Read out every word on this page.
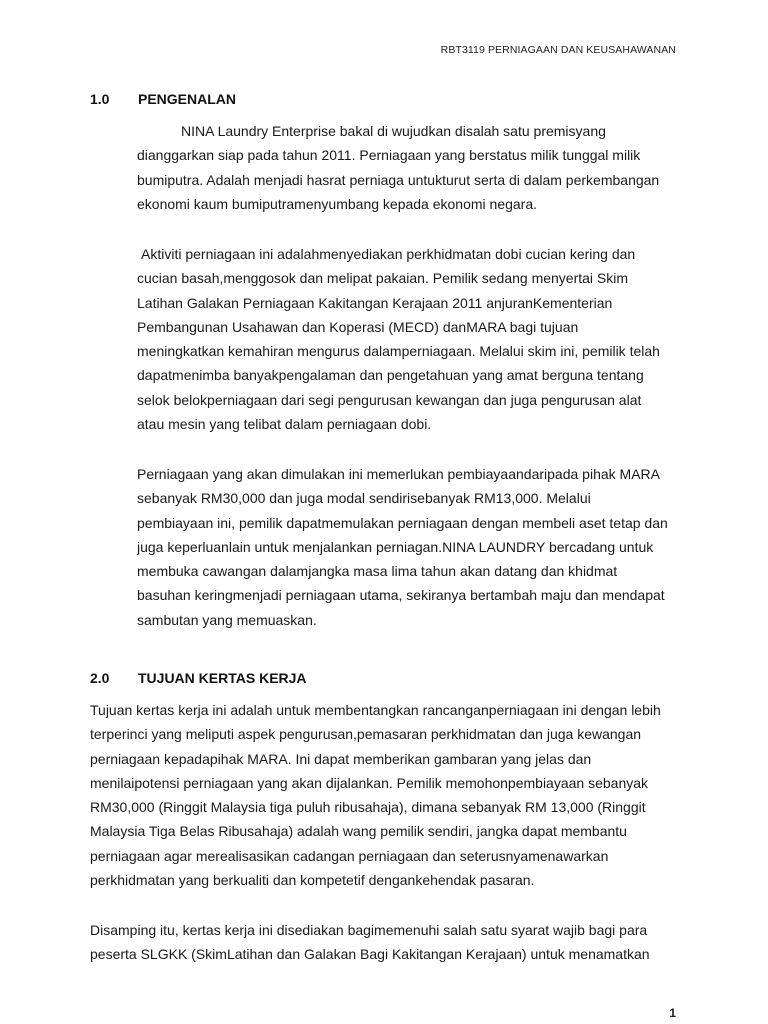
RBT3119 PERNIAGAAN DAN KEUSAHAWANAN
1.0 PENGENALAN

NINA Laundry Enterprise bakal di wujudkan disalah satu premisyang
dianggarkan siap pada tahun 2011. Perniagaan yang berstatus milik tunggal milik
bumiputra. Adalah menjadi hasrat perniaga untukturut serta di dalam perkembangan
ekonomi kaum bumiputramenyumbang kepada ekonomi negara.

Aktiviti perniagaan ini adalahmenyediakan perkhidmatan dobi cucian kering dan
cucian basah,menggosok dan melipat pakaian. Pemilik sedang menyertai Skim
Latihan Galakan Perniagaan Kakitangan Kerajaan 2011 anjuranKementerian
Pembangunan Usahawan dan Koperasi (MECD) danMARA bagi tujuan
meningkatkan kemahiran mengurus dalamperniagaan. Melalui skim ini, pemilik telah
dapatmenimba banyakpengalaman dan pengetahuan yang amat berguna tentang
selok belokperniagaan dari segi pengurusan kewangan dan juga pengurusan alat
atau mesin yang telibat dalam perniagaan dobi.

Perniagaan yang akan dimulakan ini memerlukan pembiayaandaripada pihak MARA
sebanyak RM30,000 dan juga modal sendirisebanyak RM13,000. Melalui
pembiayaan ini, pemilik dapatmemulakan perniagaan dengan membeli aset tetap dan
juga keperluanlain untuk menjalankan perniagan.NINA LAUNDRY bercadang untuk
membuka cawangan dalamjangka masa lima tahun akan datang dan khidmat
basuhan keringmenjadi perniagaan utama, sekiranya bertambah maju dan mendapat
sambutan yang memuaskan.

2.0 TUJUAN KERTAS KERJA

Tujuan kertas kerja ini adalah untuk membentangkan rancanganperniagaan ini dengan lebih
terperinci yang meliputi aspek pengurusan,pemasaran perkhidmatan dan juga kewangan
perniagaan kepadapihak MARA. Ini dapat memberikan gambaran yang jelas dan
menilaipotensi perniagaan yang akan dijalankan. Pemilik memohonpembiayaan sebanyak
RM30,000 (Ringgit Malaysia tiga puluh ribusahaja), dimana sebanyak RM 13,000 (Ringgit
Malaysia Tiga Belas Ribusahaja) adalah wang pemilik sendiri, jangka dapat membantu
perniagaan agar merealisasikan cadangan perniagaan dan seterusnyamenawarkan
perkhidmatan yang berkualiti dan kompetetif dengankehendak pasaran.

Disamping itu, kertas kerja ini disediakan bagimemenuhi salah satu syarat wajib bagi para
peserta SLGKK (SkimLatihan dan Galakan Bagi Kakitangan Kerajaan) untuk menamatkan

1
